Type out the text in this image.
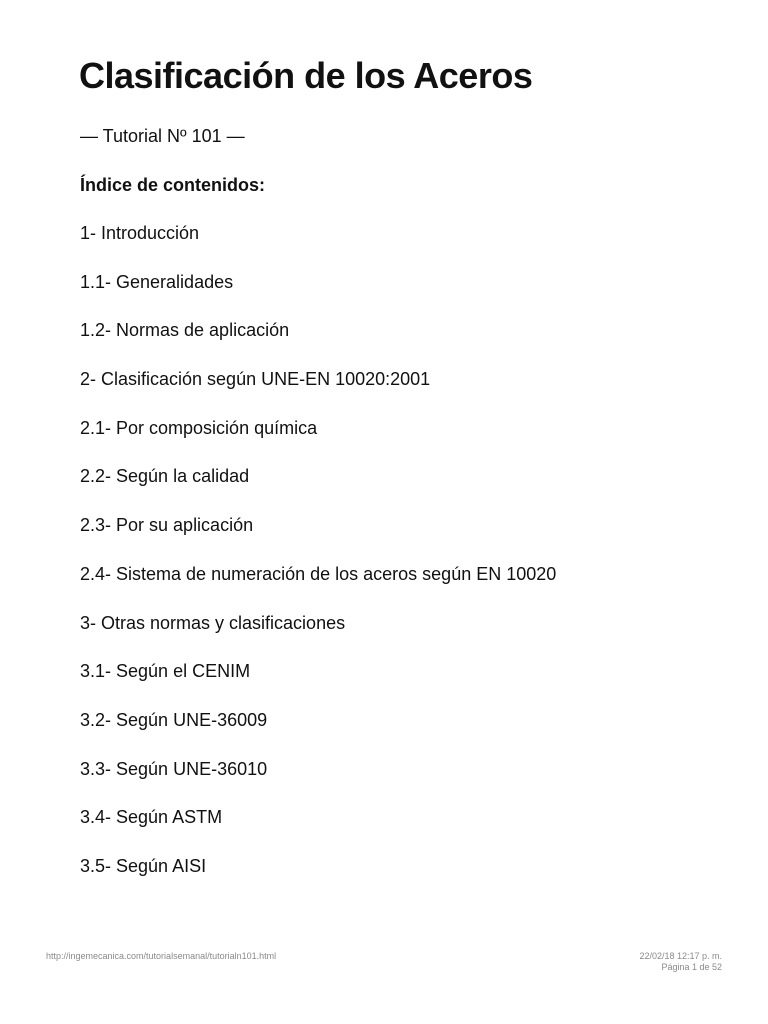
Clasificación de los Aceros
— Tutorial Nº 101 —
Índice de contenidos:
1- Introducción
1.1- Generalidades
1.2- Normas de aplicación
2- Clasificación según UNE-EN 10020:2001
2.1- Por composición química
2.2- Según la calidad
2.3- Por su aplicación
2.4- Sistema de numeración de los aceros según EN 10020
3- Otras normas y clasificaciones
3.1- Según el CENIM
3.2- Según UNE-36009
3.3- Según UNE-36010
3.4- Según ASTM
3.5- Según AISI
http://ingemecanica.com/tutorialsemanal/tutorialn101.html	22/02/18 12:17 p. m.
Página 1 de 52
